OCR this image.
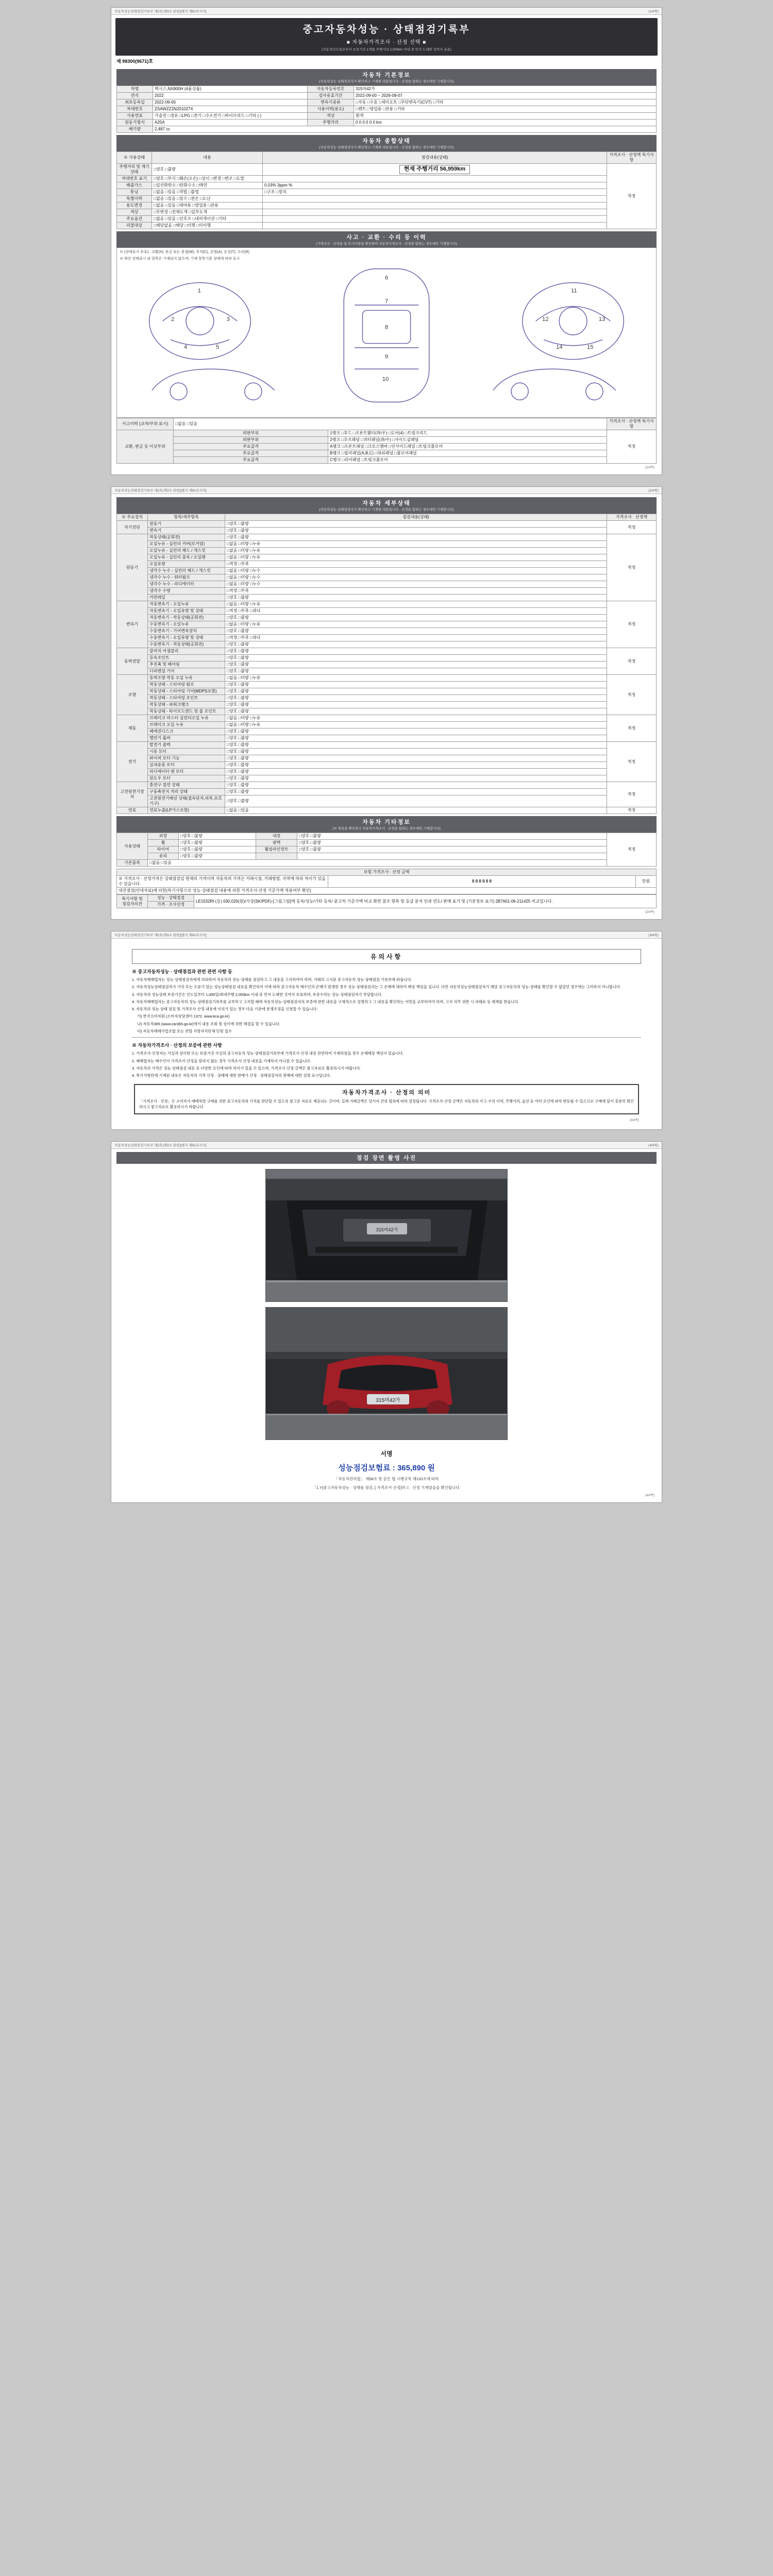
자동차성능상태점검기록부 제2호(제3조 관련)[별지 제81호서식]	(1/4쪽)
중고자동차성능 · 상태점검기록부
■ 자동차가격조사 · 산정 선택 ■
(자동차인도일로부터 보증기간 1개월 주행거리 2,000km 이내 중 먼저 도래한 것까지 유효)
제 98300(9671)호
자동차 기본정보
(자동차성능·상태점검자가 확인하고 기재한 내용입니다 - 산정을 함하는 경우에만 기재합니다)
차명	택시스,NX800H (4륜상률)	자동차등록번호	315머42가
연식	2022	검사유효기간	2022-09-00 ~ 2026-09-07
최초등록일	2022-09-00	변속기종류	□자동 □수동 □세미오토 □무단변속기(CVT) □기타
차대번호	ZSAWZZ2N201027X	사용이력(용도)	□렌트 □영업용 □관용 □기타
사용연료	가솔린 □경유 □LPG □전기 □수소전기 □하이브리드 □기타 ( )	색상	흰색
원동기형식	A25A	주행거리	0 0 0 0 0 0 km
배기량	2,487 cc		
자동차 종합상태
(자동차성능·상태점검자가 확인하고 기재한 내용입니다 - 산정을 함하는 경우에만 기재합니다)
※ 사용상태	내용	점검내용(상태)	가격조사 · 산정액 특기사항
주행거리 및 계기상태	□양호 □불량	현재 주행거리 56,959km	적정
차대번호 표기	□양호 □부식 □훼손(오손) □상이 □변경 □변조 □도말		
배출가스	□일산화탄소 □탄화수소 □매연	0.03% 3ppm %	
튜닝	□없음 □있음 □적법 □불법	□구조 □장치	
특별이력	□없음 □있음 □침수 □전손 □도난		
용도변경	□없음 □있음 □대여용 □영업용 □관용		
색상	□무변경 □전체도색 □일부도색		
주요옵션	□없음 □있음 □선루프 □내비게이션 □기타		
리콜대상	□해당없음 □해당 □이행 □미이행		
사고 · 교환 · 수리 등 이력
(가격조사 · 산정을 및 특기사항을 확인하여 자동차가격조사 · 산정을 함하는 경우에만 기재합니다)
※ (상태표시 부호) : 교환(X), 판금 또는 용접(W), 부식(C), 균열(A), 손상(T), 수리(R)
※ 하단 상태표시 외 항목은 기재되지 않으며, 기재 항목기준 상태에 따라 표시
1
2	3
4	5
6
7
8
9
10
11
12	13
14	15
사고이력 (교차/부위 표시)	□없음 □있음		가격조사 · 산정액 특기사항
교환, 판금 등 이상부위	외판부위	1랭크 □후드 □프론트휀더(좌/우) □도어(4) □트렁크리드	적정
	외판부위	2랭크 □루프패널 □쿼터패널(좌/우) □사이드실패널	
	주요골격	A랭크 □프론트패널 □크로스맴버 □인사이드패널 □트렁크플로어	
	주요골격	B랭크 □필러패널(A,B,C) □대쉬패널 □플로어패널	
	주요골격	C랭크 □리어패널 □트렁크플로어	
(1/4쪽)
자동차성능상태점검기록부 제2호(제3조 관련)[별지 제81호서식]	(2/4쪽)
자동차 세부상태
(자동차성능·상태점검자가 확인하고 기재한 내용입니다 - 산정을 함하는 경우에만 기재합니다)
※ 주요장치	항목/세부항목	점검내용(상태)	가격조사 · 산정액
자기진단	원동기	□양호 □불량	적정
	변속기	□양호 □불량	
원동기	작동상태(공회전)	□양호 □불량	적정
	오일누유 - 실린더 커버(로커암)	□없음 □미량 □누유	
	오일누유 - 실린더 헤드 / 개스킷	□없음 □미량 □누유	
	오일누유 - 실린더 블록 / 오일팬	□없음 □미량 □누유	
	오일유량	□적정 □부족	
	냉각수 누수 - 실린더 헤드 / 개스킷	□없음 □미량 □누수	
	냉각수 누수 - 워터펌프	□없음 □미량 □누수	
	냉각수 누수 - 라디에이터	□없음 □미량 □누수	
	냉각수 수량	□적정 □부족	
	커먼레일	□양호 □불량	
변속기	자동변속기 - 오일누유	□없음 □미량 □누유	적정
	자동변속기 - 오일유량 및 상태	□적정 □부족 □과다	
	자동변속기 - 작동상태(공회전)	□양호 □불량	
	수동변속기 - 오일누유	□없음 □미량 □누유	
	수동변속기 - 기어변속장치	□양호 □불량	
	수동변속기 - 오일유량 및 상태	□적정 □부족 □과다	
	수동변속기 - 작동상태(공회전)	□양호 □불량	
동력전달	클러치 어셈블리	□양호 □불량	적정
	등속조인트	□양호 □불량	
	추진축 및 베어링	□양호 □불량	
	디퍼렌셜 기어	□양호 □불량	
조향	동력조향 작동 오일 누유	□없음 □미량 □누유	적정
	작동상태 - 스티어링 펌프	□양호 □불량	
	작동상태 - 스티어링 기어(MDPS포함)	□양호 □불량	
	작동상태 - 스티어링 조인트	□양호 □불량	
	작동상태 - 파워크랭크	□양호 □불량	
	작동상태 - 타이로드엔드 및 볼 조인트	□양호 □불량	
제동	브레이크 마스터 실린더오일 누유	□없음 □미량 □누유	적정
	브레이크 오일 누유	□없음 □미량 □누유	
	베애진디스크	□양호 □불량	
	밸런기 롤버	□양호 □불량	
전기	발전기 출력	□양호 □불량	적정
	시동 모터	□양호 □불량	
	와이퍼 모터 기능	□양호 □불량	
	실내송풍 모터	□양호 □불량	
	라디에이터 팬 모터	□양호 □불량	
	윈도우 모터	□양호 □불량	
고전원전기장치	충전구 절연 상태	□양호 □불량	적정
	구동축전지 격리 상태	□양호 □불량	
	고전원전기배선 상태(접속단자,피복,보호기구)	□양호 □불량	
연료	연료누출(LP가스포함)	□없음 □있음	적정
자동차 기타정보
(※ 항목을 확인하고 자동차가격조사 · 산정을 함하는 경우에만 기재합니다)
사용상태	외장	□양호 □불량	내장	□양호 □불량	적정
	휠	□양호 □불량	광택	□양호 □불량	
	타이어	□양호 □불량	휠얼라인먼트	□양호 □불량	
	유리	□양호 □불량			
기본품목	□없음 □있음				
보험 가격조사 · 산정 금액
※ 가격조사 · 산정가격은 상태점검일 현재의 가격이며 자동차의 가격은 거래시점, 거래방법, 지역에 따라 차이가 있을 수 있습니다.	0 0 0 0 0 0	만원
내진점검(안내자료)에 의한(특기사항으로 성능·상태점검 내용에 의한 가격조사·산정 기준가액 적용여부 확인)
특기사항 및
점검자의견	성능 · 상태점검	LE1532RI (등) 030,020(원)/사상(SK/PDF)-[그림그림]에 등록/성능/기타 등록/ 중고차 기준가액 비교 화면 참조 항목 및 등급 분석 인과 연도/ 판매 표기 및 (기본정보 표기) 2B7601-06-211425 비교입니다.
가격 · 조사산정
(2/4쪽)
자동차성능상태점검기록부 제2호(제3조 관련)[별지 제81호서식]	(3/4쪽)
유의사항
※ 중고자동차성능 · 상태점검과 관련 관련 사항 등

1. 자동차매매업자는 성능·상태점검자에게 의뢰하여 자동차의 성능·상태를 점검하고 그 내용을 고지하여야 하며, 거래의 고지된 중고자동차 성능·상태점검 기록부에 따릅니다.

2. 자동차성능상태점검자가 거짓 또는 오류가 있는 성능상태점검 내용을 확인하여 이에 따라 중고자동차 매수인의 손해가 발생한 경우 성능·상태점검자는 그 손해에 대하여 배상 책임을 집니다. 다만 자동차성능상태점검자가 해당 중고자동차의 성능·상태를 확인할 수 없었던 경우에는 그러하지 아니합니다.

3. 자동차의 성능상태 보증기간은 인도일부터 1,000일/최대주행 2,000km 이내 중 먼저 도래한 것까지 유효하며, 보증수리는 성능·상태점검자가 부담합니다.

4. 자동차매매업자는 중고자동차의 성능·상태점검기록부를 교부하고 고지할 때에 자동차성능·상태점검자의 보증에 관한 내용을 구체적으로 설명하고 그 내용을 확인하는 서면을 교부하여야 하며, 고지 의무 위반 시 과태료 등 제재를 받습니다.

5. 자동차의 성능·상태 점검 및 가격조사·산정 내용에 이의가 있는 경우 다음 기관에 분쟁조정을 신청할 수 있습니다.

가) 한국소비자원 (소비자상담센터 1372, www.kca.go.kr)

나) 자동차365 (www.car365.go.kr)에서 내용 조회 및 상이에 의한 해결을 할 수 있습니다.

다) 자동차매매사업조합 또는 관할 지방자치단체 민원 접수

※ 자동차가격조사 · 산정의 보증에 관한 사항

1. 가격조사·산정자는 사실과 상이한 또는 보증거짓 사실의 중고자동차 성능·상태점검기록부에 가격조사·산정 내용 관련하여 기재하였을 경우 손해배상 책임이 있습니다.

2. 매매업자는 매수인이 가격조사·산정을 원하지 않는 경우 가격조사·산정 내용을 기재하지 아니할 수 있습니다.

3. 자동차의 가격은 성능·상태점검 내용 등 다양한 요인에 따라 차이가 있을 수 있으며, 가격조사·산정 금액은 참고자료로 활용하시기 바랍니다.

4. 특기사항란에 기재된 내용은 자동차의 가격 산정 · 상태에 대한 판매가 산정 · 상태점검자의 판매에 대한 설명 표시입니다.

자동차가격조사 · 산정의 의미
「가격조사 · 산정」은 소비자가 매매차량 구매를 위한 중고자동차의 가치를 판단할 수 있도록 참고용 자료로 제공되는 것이며, 실제 거래금액은 당사자 간의 협의에 따라 결정됩니다. 가격조사·산정 금액은 자동차의 사고·수리 이력, 주행거리, 옵션 등 여러 요인에 따라 변동될 수 있으므로 구매에 앞서 충분히 확인하시고 참고자료로 활용하시기 바랍니다.
(3/4쪽)
자동차성능상태점검기록부 제2호(제3조 관련)[별지 제81호서식]	(4/4쪽)
점검 장면 촬영 사진
315머42가
315머42가
서명
성능점검보험료 : 365,890 원
「자동차관리법」 제58조 및 같은 법 시행규칙 제120조에 따라
「1.Y]중고자동차성능 · 상태를 점검, [ 가격조사·산정]하고 · 산정 기재였음을 확인합니다.
(4/4쪽)
